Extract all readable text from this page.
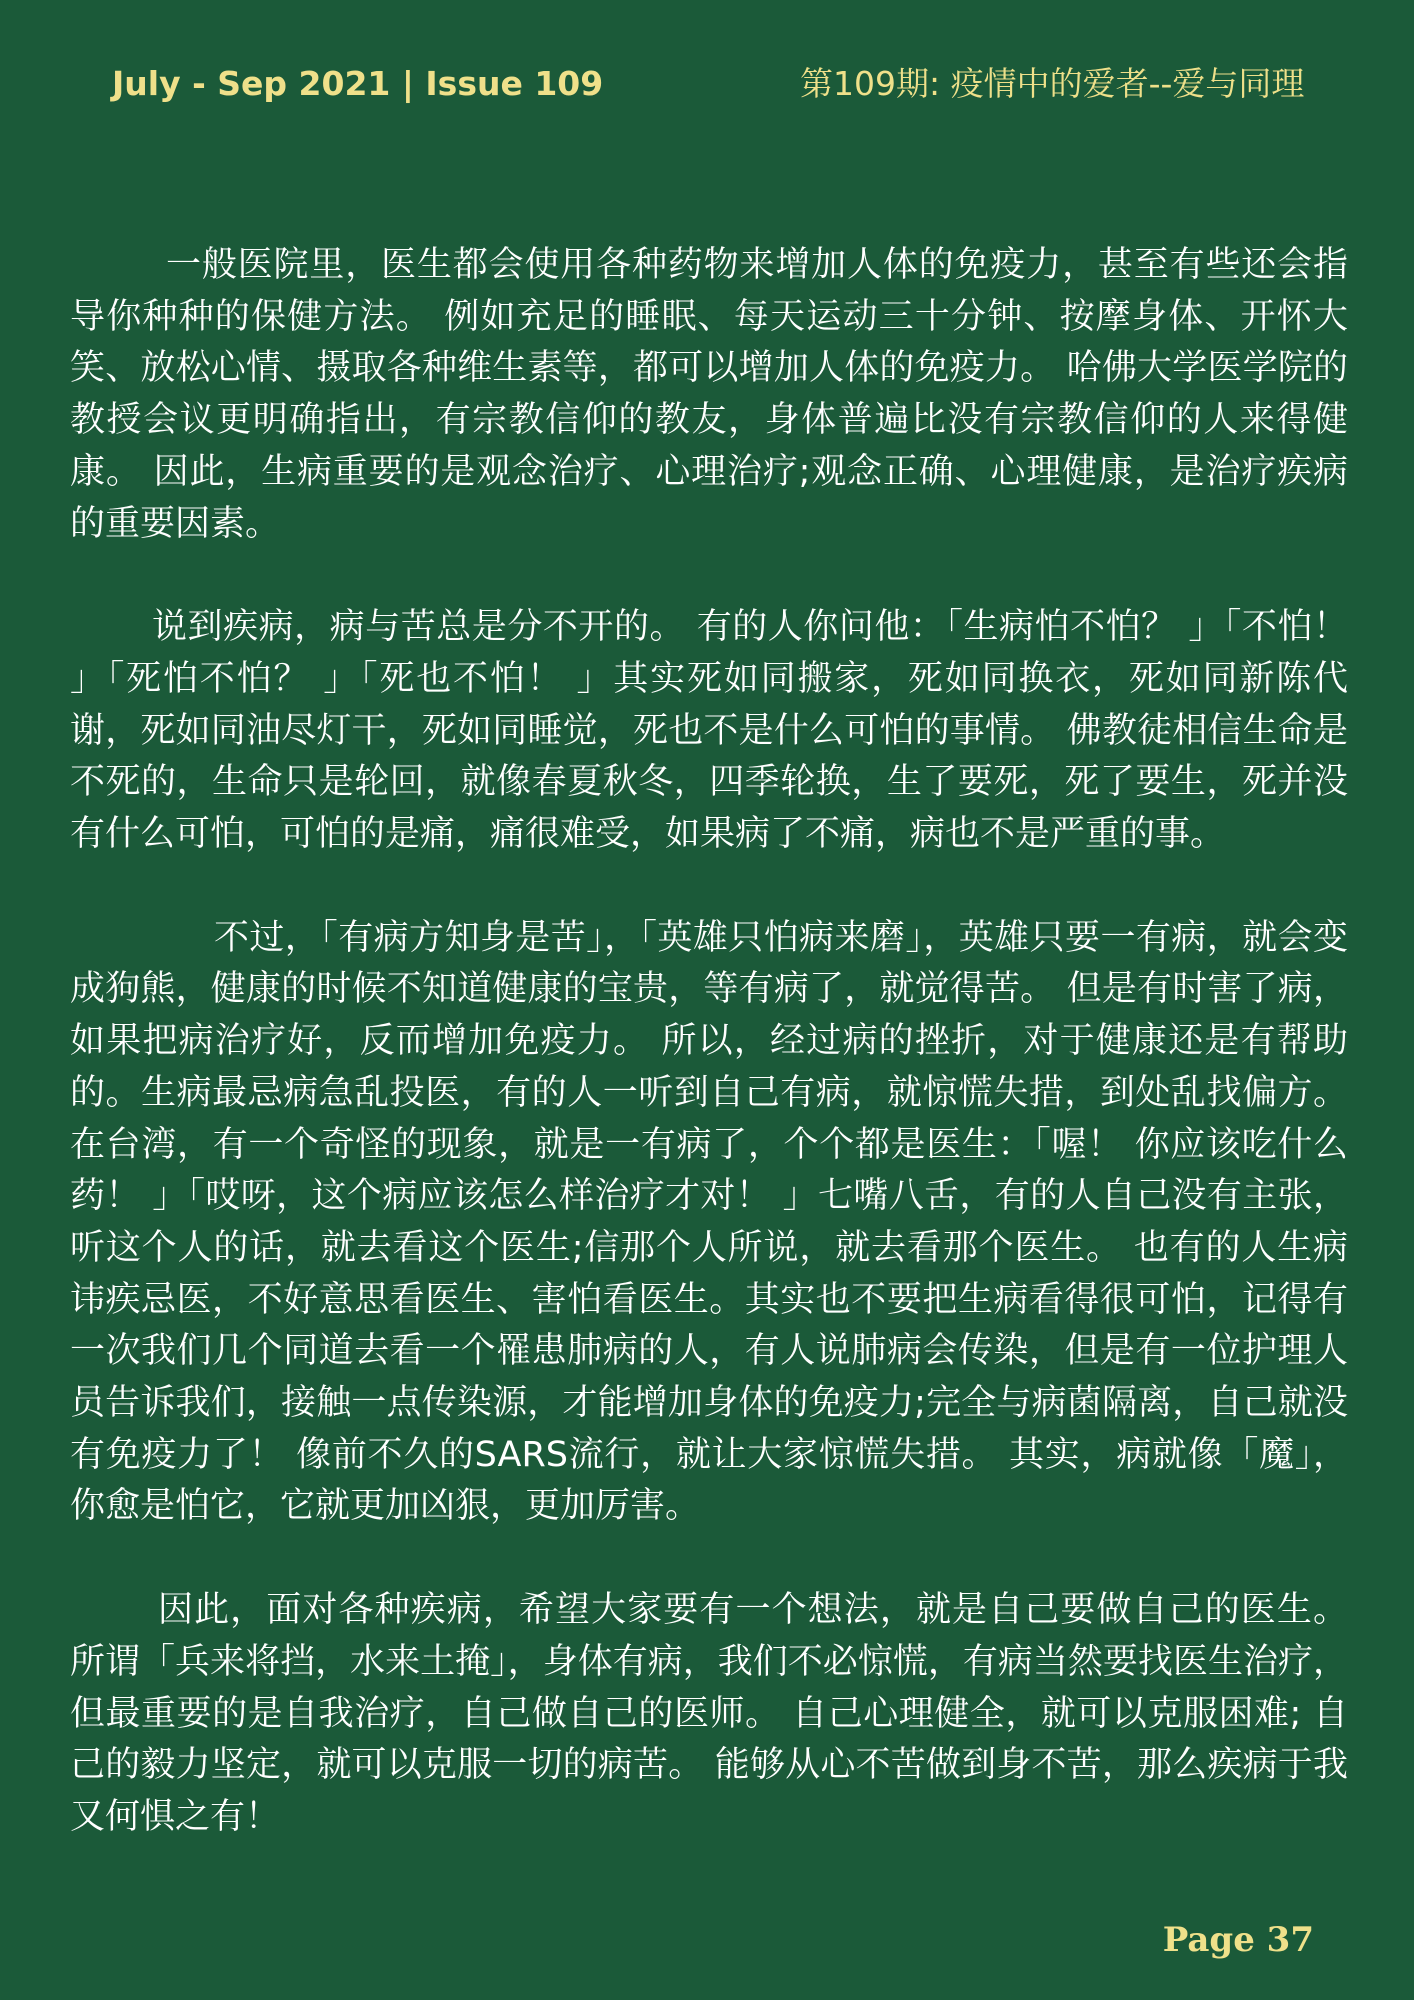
July - Sep 2021 | Issue 109	第109期: 疫情中的爱者--爱与同理

一般医院里，医生都会使用各种药物来增加人体的免疫力，甚至有些还会指导你种种的保健方法。 例如充足的睡眠、每天运动三十分钟、按摩身体、开怀大笑、放松心情、摄取各种维生素等，都可以增加人体的免疫力。 哈佛大学医学院的教授会议更明确指出，有宗教信仰的教友，身体普遍比没有宗教信仰的人来得健康。 因此，生病重要的是观念治疗、心理治疗;观念正确、心理健康，是治疗疾病的重要因素。

说到疾病，病与苦总是分不开的。 有的人你问他：「生病怕不怕？ 」「不怕！ 」「死怕不怕？ 」「死也不怕！ 」其实死如同搬家，死如同换衣，死如同新陈代谢，死如同油尽灯干，死如同睡觉，死也不是什么可怕的事情。 佛教徒相信生命是不死的，生命只是轮回，就像春夏秋冬，四季轮换，生了要死，死了要生，死并没有什么可怕，可怕的是痛，痛很难受，如果病了不痛，病也不是严重的事。

不过，「有病方知身是苦」，「英雄只怕病来磨」，英雄只要一有病，就会变成狗熊，健康的时候不知道健康的宝贵，等有病了，就觉得苦。 但是有时害了病，如果把病治疗好，反而增加免疫力。 所以，经过病的挫折，对于健康还是有帮助的。生病最忌病急乱投医，有的人一听到自己有病，就惊慌失措，到处乱找偏方。 在台湾，有一个奇怪的现象，就是一有病了，个个都是医生：「喔！ 你应该吃什么药！ 」「哎呀，这个病应该怎么样治疗才对！ 」七嘴八舌，有的人自己没有主张，听这个人的话，就去看这个医生;信那个人所说，就去看那个医生。 也有的人生病讳疾忌医，不好意思看医生、害怕看医生。其实也不要把生病看得很可怕，记得有一次我们几个同道去看一个罹患肺病的人，有人说肺病会传染，但是有一位护理人员告诉我们，接触一点传染源，才能增加身体的免疫力;完全与病菌隔离，自己就没有免疫力了！ 像前不久的SARS流行，就让大家惊慌失措。 其实，病就像「魔」，你愈是怕它，它就更加凶狠，更加厉害。

因此，面对各种疾病，希望大家要有一个想法，就是自己要做自己的医生。 所谓「兵来将挡，水来土掩」，身体有病，我们不必惊慌，有病当然要找医生治疗，但最重要的是自我治疗，自己做自己的医师。 自己心理健全，就可以克服困难; 自己的毅力坚定，就可以克服一切的病苦。 能够从心不苦做到身不苦，那么疾病于我又何惧之有！

Page 37
